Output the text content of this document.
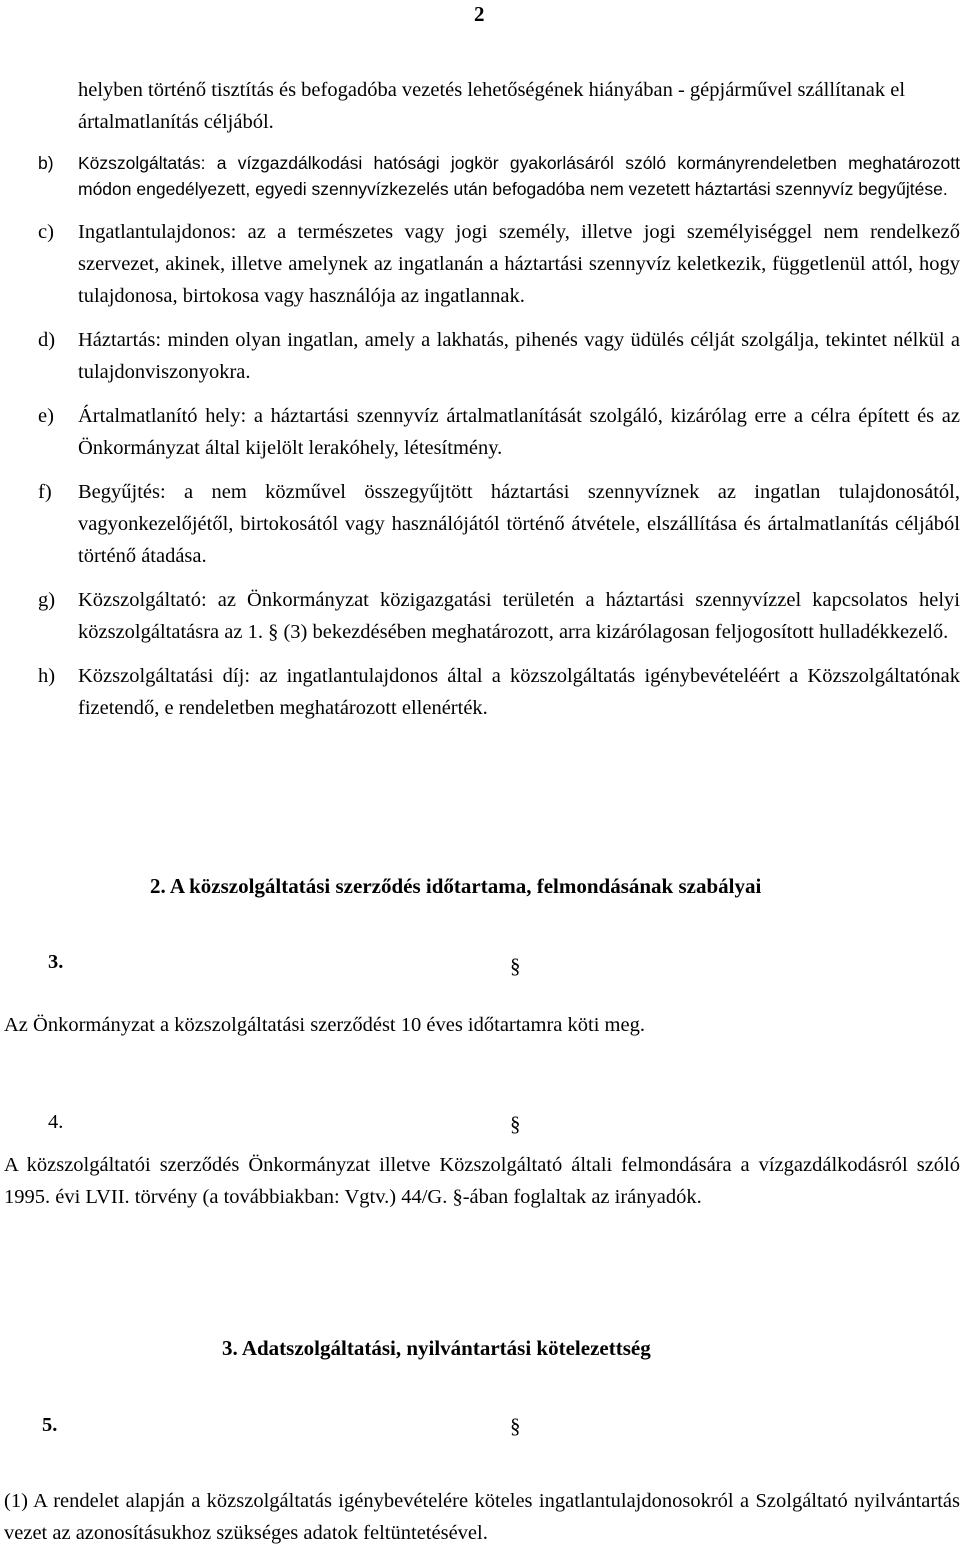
2
helyben történő tisztítás és befogadóba vezetés lehetőségének hiányában - gépjárművel szállítanak el ártalmatlanítás céljából.
b)	Közszolgáltatás: a vízgazdálkodási hatósági jogkör gyakorlásáról szóló kormányrendeletben meghatározott módon engedélyezett, egyedi szennyvízkezelés után befogadóba nem vezetett háztartási szennyvíz begyűjtése.
c)	Ingatlantulajdonos: az a természetes vagy jogi személy, illetve jogi személyiséggel nem rendelkező szervezet, akinek, illetve amelynek az ingatlanán a háztartási szennyvíz keletkezik, függetlenül attól, hogy tulajdonosa, birtokosa vagy használója az ingatlannak.
d)	Háztartás: minden olyan ingatlan, amely a lakhatás, pihenés vagy üdülés célját szolgálja, tekintet nélkül a tulajdonviszonyokra.
e)	Ártalmatlanító hely: a háztartási szennyvíz ártalmatlanítását szolgáló, kizárólag erre a célra épített és az Önkormányzat által kijelölt lerakóhely, létesítmény.
f)	Begyűjtés: a nem közművel összegyűjtött háztartási szennyvíznek az ingatlan tulajdonosától, vagyonkezelőjétől, birtokosától vagy használójától történő átvétele, elszállítása és ártalmatlanítás céljából történő átadása.
g)	Közszolgáltató: az Önkormányzat közigazgatási területén a háztartási szennyvízzel kapcsolatos helyi közszolgáltatásra az 1. § (3) bekezdésében meghatározott, arra kizárólagosan feljogosított hulladékkezelő.
h)	Közszolgáltatási díj: az ingatlantulajdonos által a közszolgáltatás igénybevételéért a Közszolgáltatónak fizetendő, e rendeletben meghatározott ellenérték.
2. A közszolgáltatási szerződés időtartama, felmondásának szabályai
3.	§
Az Önkormányzat a közszolgáltatási szerződést 10 éves időtartamra köti meg.
4.	§
A közszolgáltatói szerződés Önkormányzat illetve Közszolgáltató általi felmondására a vízgazdálkodásról szóló 1995. évi LVII. törvény (a továbbiakban: Vgtv.) 44/G. §-ában foglaltak az irányadók.
3. Adatszolgáltatási, nyilvántartási kötelezettség
5.	§
(1) A rendelet alapján a közszolgáltatás igénybevételére köteles ingatlantulajdonosokról a Szolgáltató nyilvántartás vezet az azonosításukhoz szükséges adatok feltüntetésével.
